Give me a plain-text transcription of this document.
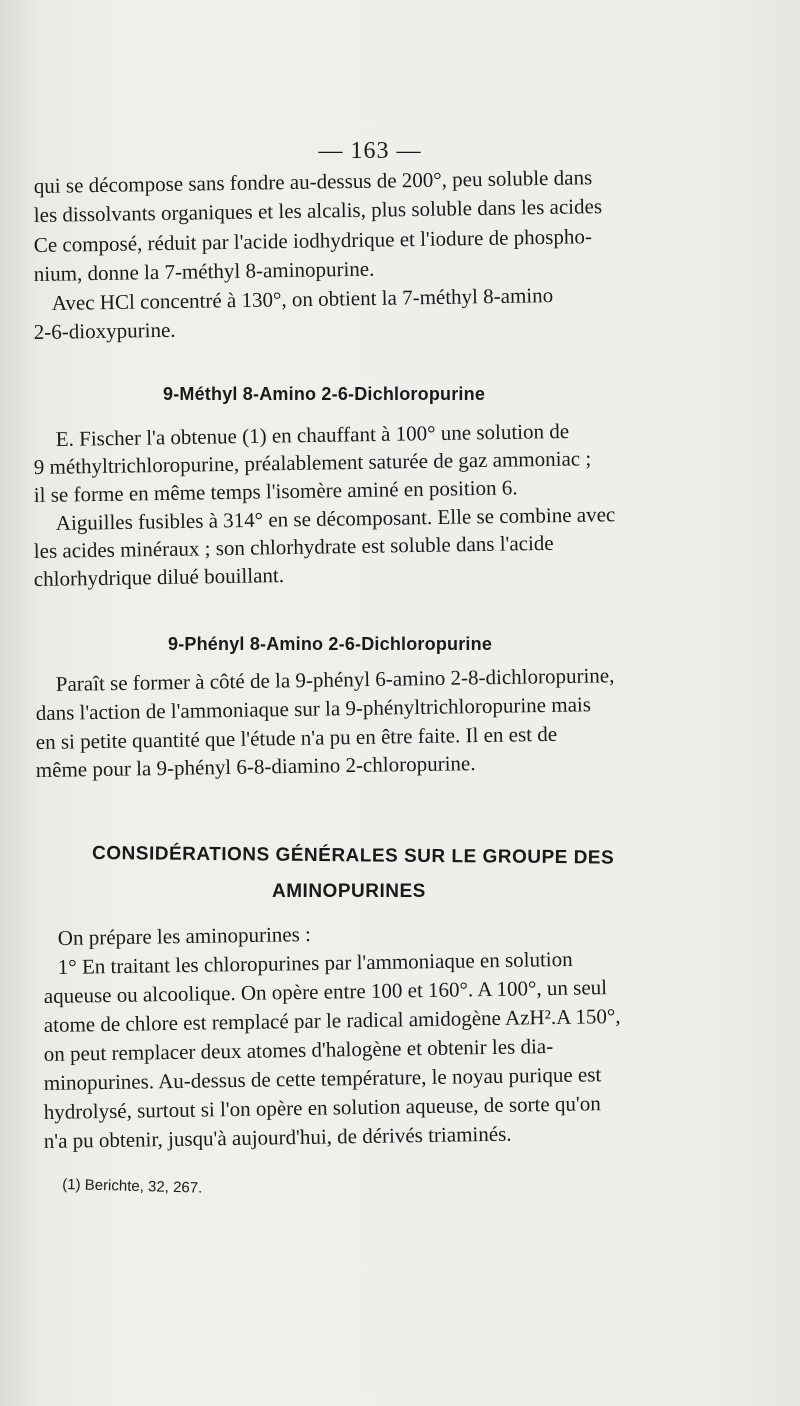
— 163 —
qui se décompose sans fondre au-dessus de 200°, peu soluble dans
les dissolvants organiques et les alcalis, plus soluble dans les acides
Ce composé, réduit par l'acide iodhydrique et l'iodure de phospho-
nium, donne la 7-méthyl 8-aminopurine.
Avec HCl concentré à 130°, on obtient la 7-méthyl 8-amino
2-6-dioxypurine.
9-Méthyl 8-Amino 2-6-Dichloropurine
E. Fischer l'a obtenue (1) en chauffant à 100° une solution de
9 méthyltrichloropurine, préalablement saturée de gaz ammoniac ;
il se forme en même temps l'isomère aminé en position 6.
Aiguilles fusibles à 314° en se décomposant. Elle se combine avec
les acides minéraux ; son chlorhydrate est soluble dans l'acide
chlorhydrique dilué bouillant.
9-Phényl 8-Amino 2-6-Dichloropurine
Paraît se former à côté de la 9-phényl 6-amino 2-8-dichloropurine,
dans l'action de l'ammoniaque sur la 9-phényltrichloropurine mais
en si petite quantité que l'étude n'a pu en être faite. Il en est de
même pour la 9-phényl 6-8-diamino 2-chloropurine.
CONSIDÉRATIONS GÉNÉRALES SUR LE GROUPE DES
AMINOPURINES
On prépare les aminopurines :
1° En traitant les chloropurines par l'ammoniaque en solution
aqueuse ou alcoolique. On opère entre 100 et 160°. A 100°, un seul
atome de chlore est remplacé par le radical amidogène AzH².A 150°,
on peut remplacer deux atomes d'halogène et obtenir les dia-
minopurines. Au-dessus de cette température, le noyau purique est
hydrolysé, surtout si l'on opère en solution aqueuse, de sorte qu'on
n'a pu obtenir, jusqu'à aujourd'hui, de dérivés triaminés.
(1) Berichte, 32, 267.
